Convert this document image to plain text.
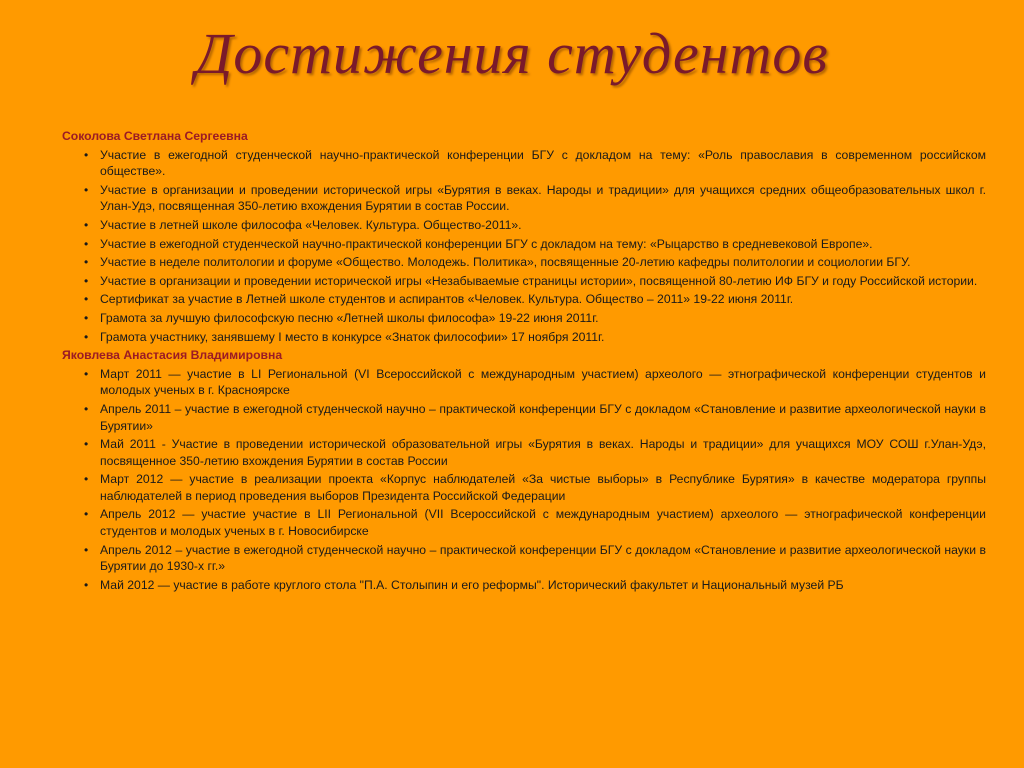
Достижения студентов
Соколова Светлана Сергеевна
• Участие в ежегодной студенческой научно-практической конференции БГУ с докладом на тему: «Роль православия в современном российском обществе».
• Участие в организации и проведении исторической игры «Бурятия в веках. Народы и традиции» для учащихся средних общеобразовательных школ г. Улан-Удэ, посвященная 350-летию вхождения Бурятии в состав России.
• Участие в летней школе философа «Человек. Культура. Общество-2011».
• Участие в ежегодной студенческой научно-практической конференции БГУ с докладом на тему: «Рыцарство в средневековой Европе».
• Участие в неделе политологии и форуме «Общество. Молодежь. Политика», посвященные 20-летию кафедры политологии и социологии БГУ.
• Участие в организации и проведении исторической игры «Незабываемые страницы истории», посвященной 80-летию ИФ БГУ и году Российской истории.
• Сертификат за участие в Летней школе студентов и аспирантов «Человек. Культура. Общество – 2011» 19-22 июня 2011г.
• Грамота за лучшую философскую песню «Летней школы философа» 19-22 июня 2011г.
• Грамота участнику, занявшему I место в конкурсе «Знаток философии» 17 ноября 2011г.
Яковлева Анастасия Владимировна
• Март 2011 — участие в LI Региональной (VI Всероссийской с международным участием) археолого — этнографической конференции студентов и молодых ученых в г. Красноярске
• Апрель 2011 – участие в ежегодной студенческой научно – практической конференции БГУ с докладом «Становление и развитие археологической науки в Бурятии»
• Май 2011 - Участие в проведении исторической образовательной игры «Бурятия в веках. Народы и традиции» для учащихся МОУ СОШ г.Улан-Удэ, посвященное 350-летию вхождения Бурятии в состав России
• Март 2012 — участие в реализации проекта «Корпус наблюдателей «За чистые выборы» в Республике Бурятия» в качестве модератора группы наблюдателей в период проведения выборов Президента Российской Федерации
• Апрель 2012 — участие участие в LII Региональной (VII Всероссийской с международным участием) археолого — этнографической конференции студентов и молодых ученых в г. Новосибирске
• Апрель 2012 – участие в ежегодной студенческой научно – практической конференции БГУ с докладом «Становление и развитие археологической науки в Бурятии до 1930-х гг.»
• Май 2012 — участие в работе круглого стола "П.А. Столыпин и его реформы". Исторический факультет и Национальный музей РБ
